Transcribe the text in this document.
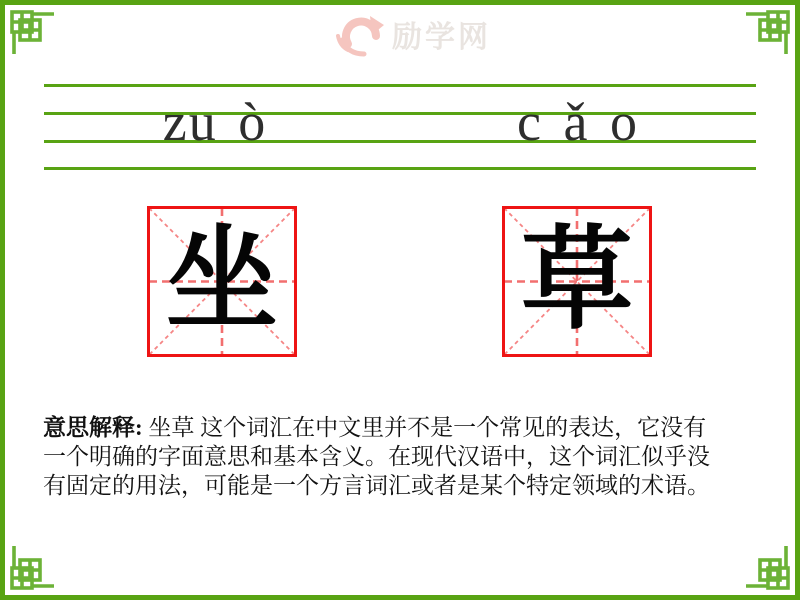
励学网
zu ò	c ǎ o
坐 草
意思解释: 坐草 这个词汇在中文里并不是一个常见的表达，它没有
一个明确的字面意思和基本含义。在现代汉语中，这个词汇似乎没
有固定的用法，可能是一个方言词汇或者是某个特定领域的术语。
